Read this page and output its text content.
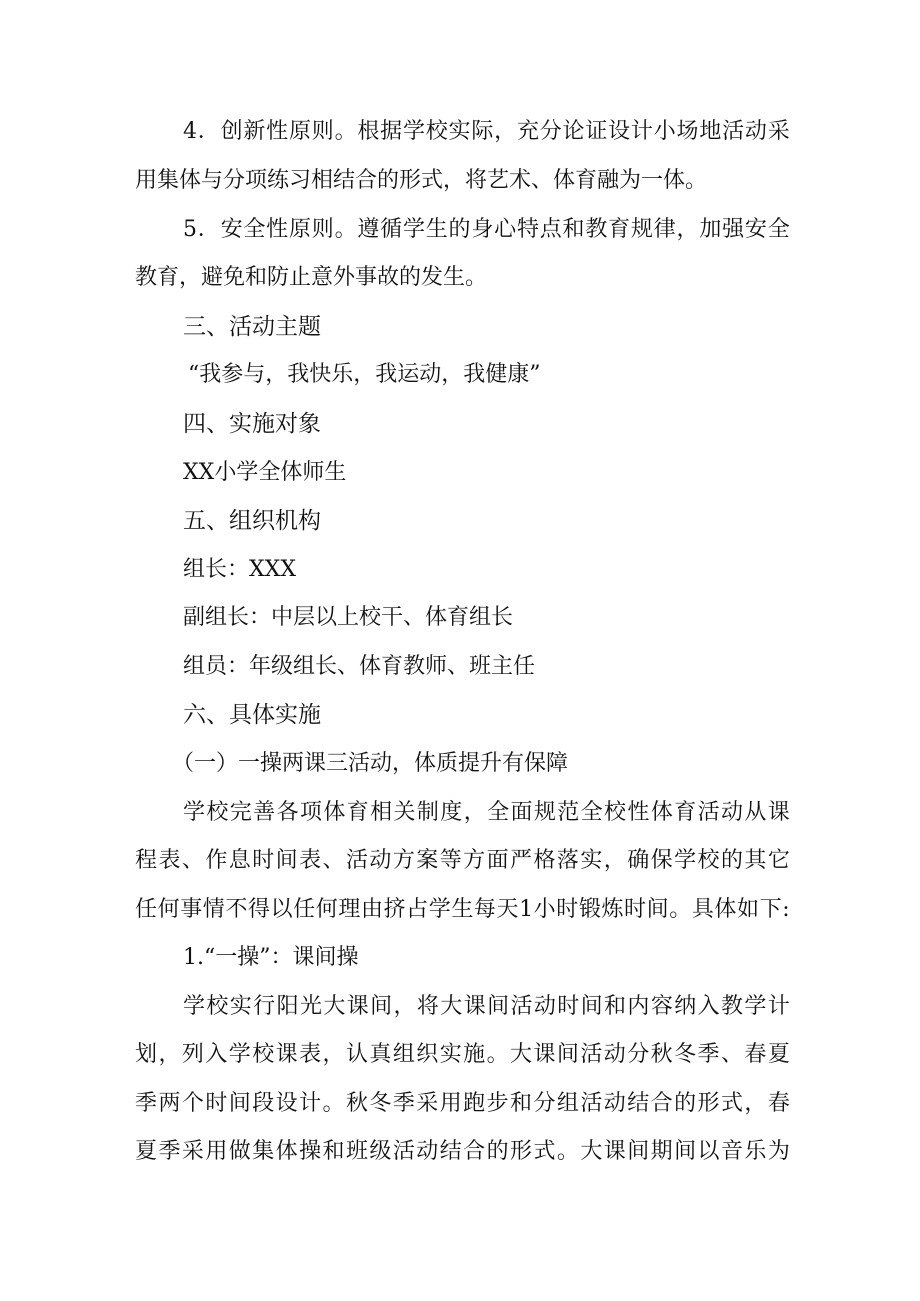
4 ． 创 新 性 原 则 。 根 据 学 校 实 际 ， 充 分 论 证 设 计 小 场 地 活 动 采
用集体与分项练习相结合的形式，将艺术、体育融为一体。
5 ． 安 全 性 原 则 。 遵 循 学 生 的 身 心 特 点 和 教 育 规 律 ， 加 强 安 全
教育，避免和防止意外事故的发生。
三、活动主题
“我参与，我快乐，我运动，我健康”
四、实施对象
XX小学全体师生
五、组织机构
组长：XXX
副组长：中层以上校干、体育组长
组员：年级组长、体育教师、班主任
六、具体实施
（一）一操两课三活动，体质提升有保障
学 校 完 善 各 项 体 育 相 关 制 度 ， 全 面 规 范 全 校 性 体 育 活 动 从 课
程 表 、 作 息 时 间 表 、 活 动 方 案 等 方 面 严 格 落 实 ， 确 保 学 校 的 其 它
任 何 事 情 不 得 以 任 何 理 由 挤 占 学 生 每 天 1 小 时 锻 炼 时 间 。 具 体 如 下 :
1.“一操”：课间操
学 校 实 行 阳 光 大 课 间 ， 将 大 课 间 活 动 时 间 和 内 容 纳 入 教 学 计
划 ， 列 入 学 校 课 表 ， 认 真 组 织 实 施 。 大 课 间 活 动 分 秋 冬 季 、 春 夏
季 两 个 时 间 段 设 计 。 秋 冬 季 采 用 跑 步 和 分 组 活 动 结 合 的 形 式 ， 春
夏 季 采 用 做 集 体 操 和 班 级 活 动 结 合 的 形 式 。 大 课 间 期 间 以 音 乐 为
